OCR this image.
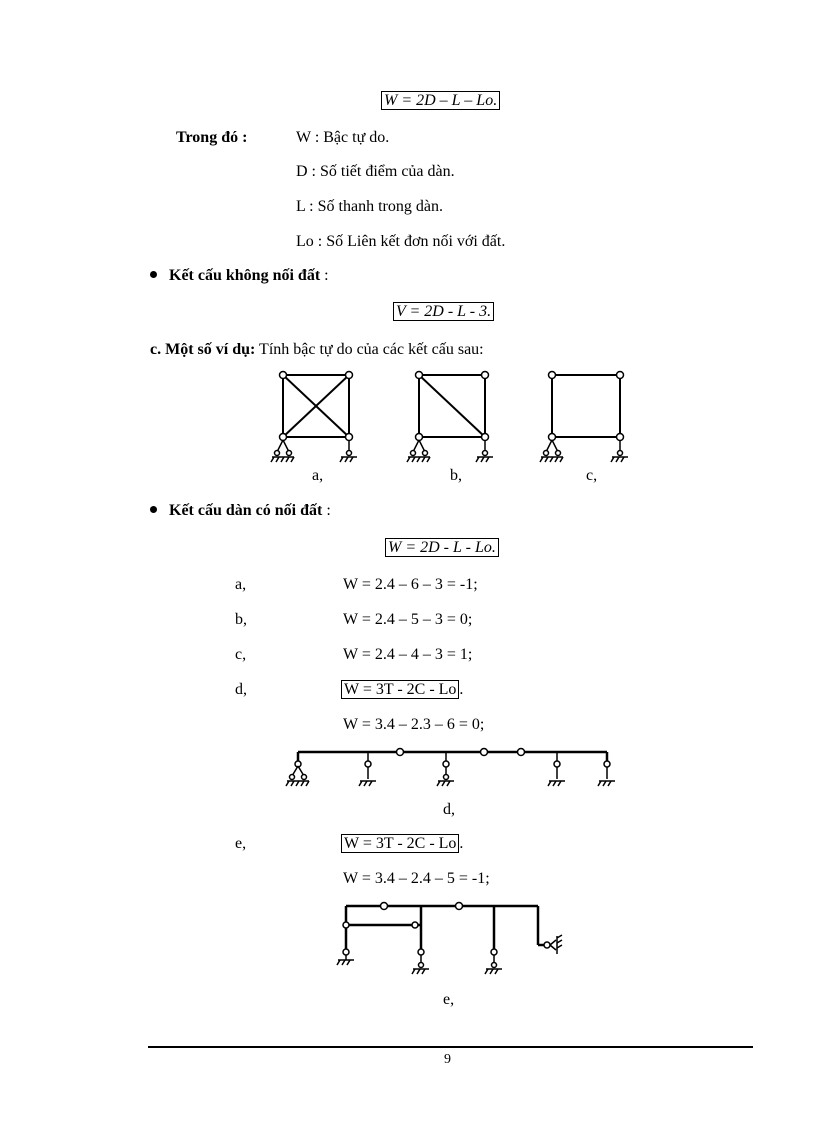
W = 2D – L – Lo.
Trong đó :	W : Bậc tự do.
D : Số tiết điểm của dàn.
L : Số thanh trong dàn.
Lo : Số Liên kết đơn nối với đất.
Kết cấu không nối đất :
V = 2D - L - 3.
c. Một số ví dụ: Tính bậc tự do của các kết cấu sau:
a,	b,	c,
Kết cấu dàn có nối đất :
W = 2D - L - Lo.
a,	W = 2.4 – 6 – 3 = -1;
b,	W = 2.4 – 5 – 3 = 0;
c,	W = 2.4 – 4 – 3 = 1;
d,	W = 3T - 2C - Lo .
W = 3.4 – 2.3 – 6 = 0;
d,
e,	W = 3T - 2C - Lo .
W = 3.4 – 2.4 – 5 = -1;
e,
9
